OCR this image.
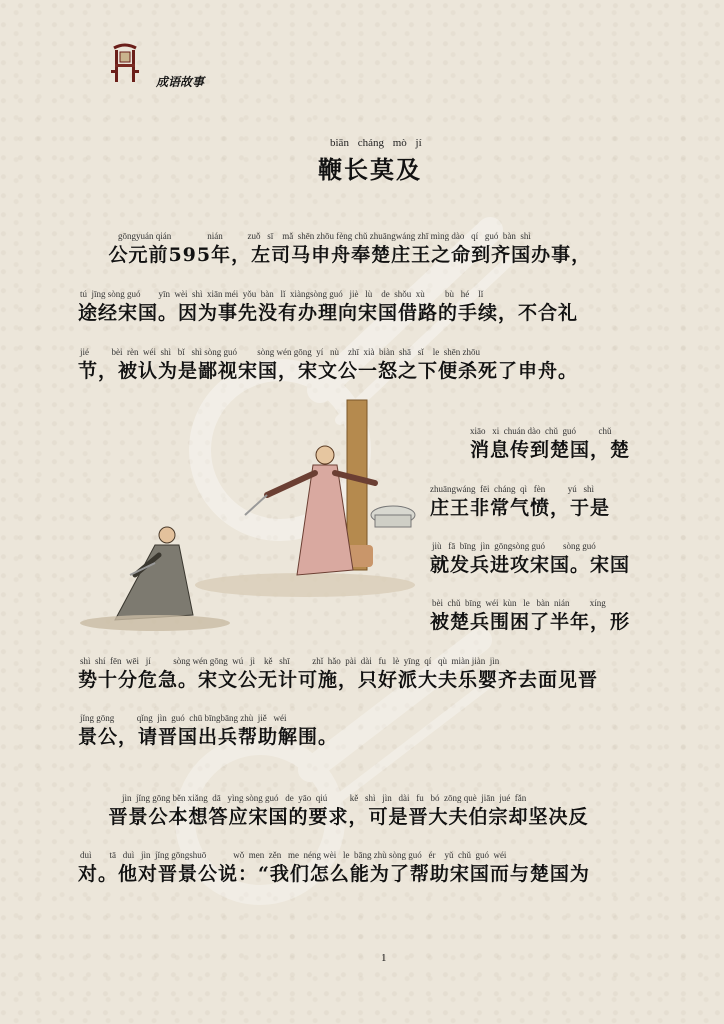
成语故事
biān cháng mò jí
鞭长莫及
gōngyuán qián                nián           zuǒ   sī    mǎ  shēn zhōu fèng chǔ zhuāngwáng zhī mìng dào   qí   guó  bàn  shì
公元前595年，左司马申舟奉楚庄王之命到齐国办事，
tú  jīng sòng guó        yīn  wèi  shì  xiān méi  yǒu  bàn   lǐ  xiàngsòng guó   jiè   lù    de  shǒu  xù         bù   hé    lǐ
途经宋国。因为事先没有办理向宋国借路的手续，不合礼
jié          bèi  rèn  wéi  shì   bǐ   shì sòng guó         sòng wén gōng  yí   nù    zhī  xià  biàn  shā   sǐ    le  shēn zhōu
节，被认为是鄙视宋国，宋文公一怒之下便杀死了申舟。
xiāo   xi  chuán dào  chǔ  guó          chǔ
消息传到楚国，楚
zhuāngwáng  fēi  cháng  qì   fèn          yú   shì
庄王非常气愤，于是
jiù   fā  bīng  jìn  gōngsòng guó        sòng guó
就发兵进攻宋国。宋国
bèi  chǔ  bīng  wéi  kùn   le   bàn  nián         xíng
被楚兵围困了半年，形
shì  shí  fēn  wēi   jí          sòng wén gōng  wú   jì    kě   shī          zhǐ  hǎo  pài  dài   fu   lè  yīng  qí   qù  miàn jiàn  jìn
势十分危急。宋文公无计可施，只好派大夫乐婴齐去面见晋
jǐng gōng          qǐng  jìn  guó  chū bīngbāng zhù  jiě   wéi
景公，请晋国出兵帮助解围。
jìn  jǐng gōng běn xiǎng  dā   yìng sòng guó   de  yāo  qiú          kě   shì   jìn   dài   fu   bó  zōng què  jiān  jué  fǎn
晋景公本想答应宋国的要求，可是晋大夫伯宗却坚决反
duì        tā   duì   jìn  jǐng gōngshuō            wǒ  men  zěn   me  néng wèi   le  bāng zhù sòng guó   ér    yǔ  chǔ  guó  wéi
对。他对晋景公说：“我们怎么能为了帮助宋国而与楚国为
1
